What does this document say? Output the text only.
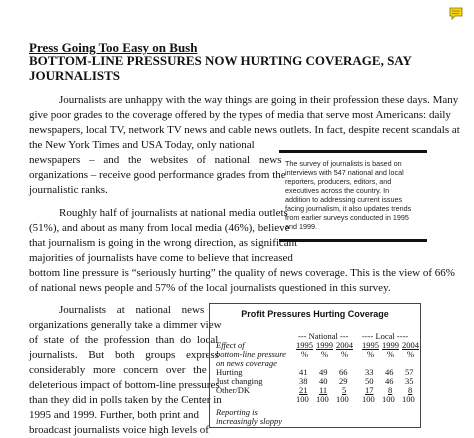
Press Going Too Easy on Bush
BOTTOM-LINE PRESSURES NOW HURTING COVERAGE, SAY JOURNALISTS
Journalists are unhappy with the way things are going in their profession these days. Many
give poor grades to the coverage offered by the types of media that serve most Americans: daily
newspapers, local TV, network TV news and cable news outlets. In fact, despite recent scandals at
the New York Times and USA Today, only national
newspapers – and the websites of national news
organizations – receive good performance grades from the
journalistic ranks.
The survey of journalists is based on
interviews with 547 national and local
reporters, producers, editors, and
executives across the country. In
addition to addressing current issues
facing journalism, it also updates trends
from earlier surveys conducted in 1995
and 1999.
Roughly half of journalists at national media outlets
(51%), and about as many from local media (46%), believe
that journalism is going in the wrong direction, as significant
majorities of journalists have come to believe that increased
bottom line pressure is “seriously hurting” the quality of news coverage. This is the view of 66%
of national news people and 57% of the local journalists questioned in this survey.
Journalists at national news
organizations generally take a dimmer view
of state of the profession than do local
journalists. But both groups express
considerably more concern over the
deleterious impact of bottom-line pressures
than they did in polls taken by the Center in
1995 and 1999. Further, both print and
broadcast journalists voice high levels of
Profit Pressures Hurting Coverage
--- National --- ---- Local ----
Effect of
bottom-line pressure
on news coverage
1995 1999 2004 1995 1999 2004
% % % % % %
Hurting	41 49 66 33 46 57
Just changing	38 40 29 50 46 35
Other/DK	21 11 5 17 8 8
100 100 100 100 100 100
Reporting is
increasingly sloppy
